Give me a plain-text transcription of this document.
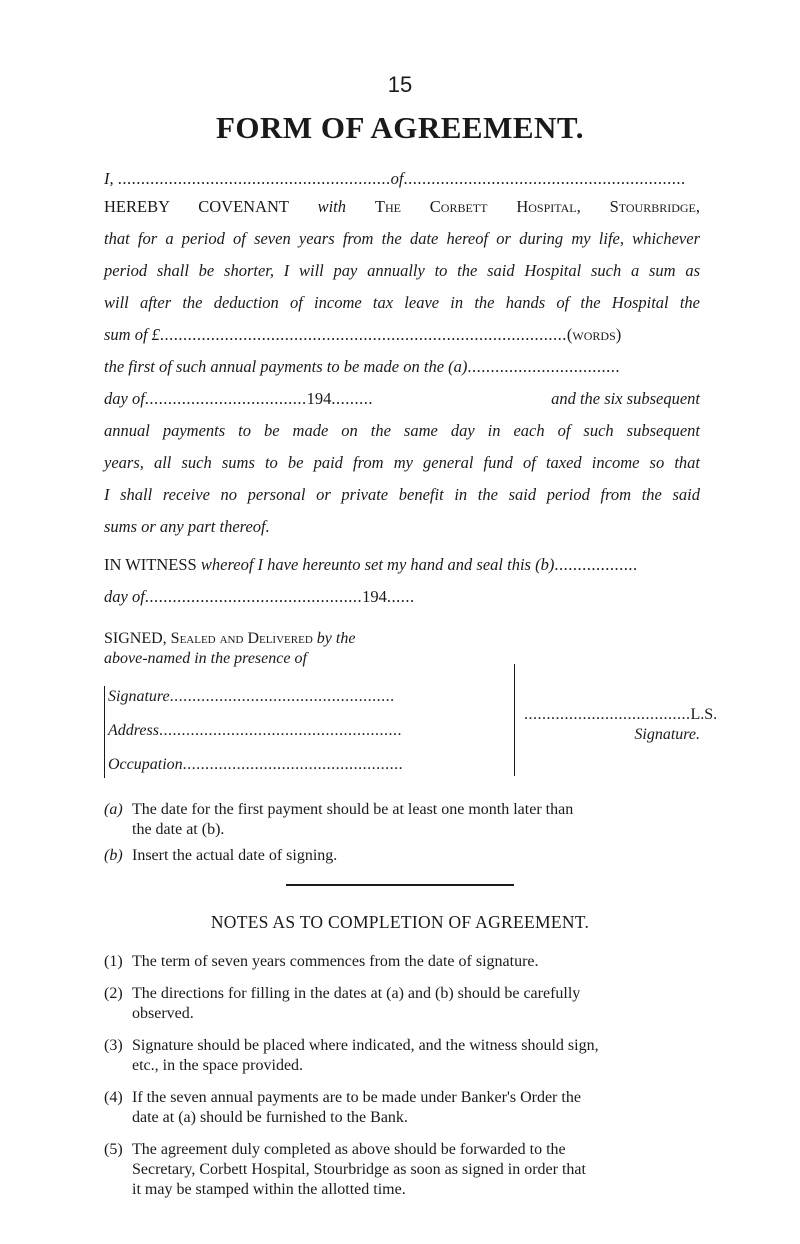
15
FORM OF AGREEMENT.
I, ...........................................................of.............................................................
HEREBY COVENANT with The Corbett Hospital, Stourbridge,
that for a period of seven years from the date hereof or during my life, whichever
period shall be shorter, I will pay annually to the said Hospital such a sum as
will after the deduction of income tax leave in the hands of the Hospital the
sum of £........................................................................................(words)
the first of such annual payments to be made on the (a).................................
day of...................................194.........	and the six subsequent
annual payments to be made on the same day in each of such subsequent
years, all such sums to be paid from my general fund of taxed income so that
I shall receive no personal or private benefit in the said period from the said
sums or any part thereof.
IN WITNESS whereof I have hereunto set my hand and seal this (b)..................
day of...............................................194......
SIGNED, Sealed and Delivered by the
above-named in the presence of
Signature..................................................
Address......................................................
Occupation.................................................
.....................................L.S.
Signature.
(a) The date for the first payment should be at least one month later than
the date at (b).
(b) Insert the actual date of signing.
NOTES AS TO COMPLETION OF AGREEMENT.
(1) The term of seven years commences from the date of signature.
(2) The directions for filling in the dates at (a) and (b) should be carefully
observed.
(3) Signature should be placed where indicated, and the witness should sign,
etc., in the space provided.
(4) If the seven annual payments are to be made under Banker's Order the
date at (a) should be furnished to the Bank.
(5) The agreement duly completed as above should be forwarded to the
Secretary, Corbett Hospital, Stourbridge as soon as signed in order that
it may be stamped within the allotted time.
